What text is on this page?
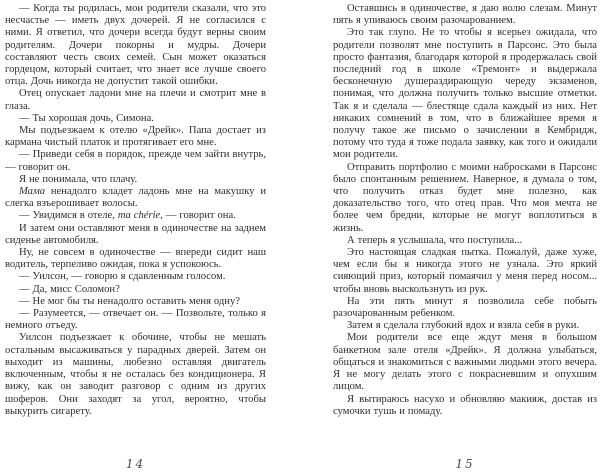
— Когда ты родилась, мои родители сказали, что это несчастье — иметь двух дочерей. Я не согласился с ними. Я ответил, что дочери всегда будут верны своим родителям. Дочери покорны и мудры. Дочери составляют честь своих семей. Сын может оказаться гордецом, который считает, что знает все лучше своего отца. Дочь никогда не допустит такой ошибки.

Отец опускает ладони мне на плечи и смотрит мне в глаза.

— Ты хорошая дочь, Симона.

Мы подъезжаем к отелю «Дрейк». Папа достает из кармана чистый платок и протягивает его мне.

— Приведи себя в порядок, прежде чем зайти внутрь, — говорит он.

Я не понимала, что плачу.

Мама ненадолго кладет ладонь мне на макушку и слегка взъерошивает волосы.

— Увидимся в отеле, ma chérie, — говорит она.

И затем они оставляют меня в одиночестве на заднем сиденье автомобиля.

Ну, не совсем в одиночестве — впереди сидит наш водитель, терпеливо ожидая, пока я успокоюсь.

— Уилсон, — говорю я сдавленным голосом.

— Да, мисс Соломон?

— Не мог бы ты ненадолго оставить меня одну?

— Разумеется, — отвечает он. — Позвольте, только я немного отъеду.

Уилсон подъезжает к обочине, чтобы не мешать остальным высаживаться у парадных дверей. Затем он выходит из машины, любезно оставляя двигатель включенным, чтобы я не осталась без кондиционера. Я вижу, как он заводит разговор с одним из других шоферов. Они заходят за угол, вероятно, чтобы выкурить сигарету.

14

Оставшись в одиночестве, я даю волю слезам. Минут пять я упиваюсь своим разочарованием.

Это так глупо. Не то чтобы я всерьез ожидала, что родители позволят мне поступить в Парсонс. Это была просто фантазия, благодаря которой я продержалась свой последний год в школе «Тремонт» и выдержала бесконечную душераздирающую череду экзаменов, понимая, что должна получить только высшие отметки. Так я и сделала — блестяще сдала каждый из них. Нет никаких сомнений в том, что в ближайшее время я получу такое же письмо о зачислении в Кембридж, потому что туда я тоже подала заявку, как того и ожидали мои родители.

Отправить портфолио с моими набросками в Парсонс было спонтанным решением. Наверное, я думала о том, что получить отказ будет мне полезно, как доказательство того, что отец прав. Что моя мечта не более чем бредни, которые не могут воплотиться в жизнь.

А теперь я услышала, что поступила...

Это настоящая сладкая пытка. Пожалуй, даже хуже, чем если бы я никогда этого не узнала. Это яркий сияющий приз, который помаячил у меня перед носом... чтобы вновь выскользнуть из рук.

На эти пять минут я позволила себе побыть разочарованным ребенком.

Затем я сделала глубокий вдох и взяла себя в руки.

Мои родители все еще ждут меня в большом банкетном зале отеля «Дрейк». Я должна улыбаться, общаться и знакомиться с важными людьми этого вечера. Я не могу делать этого с покрасневшим и опухшим лицом.

Я вытираюсь насухо и обновляю макияж, достав из сумочки тушь и помаду.

15
